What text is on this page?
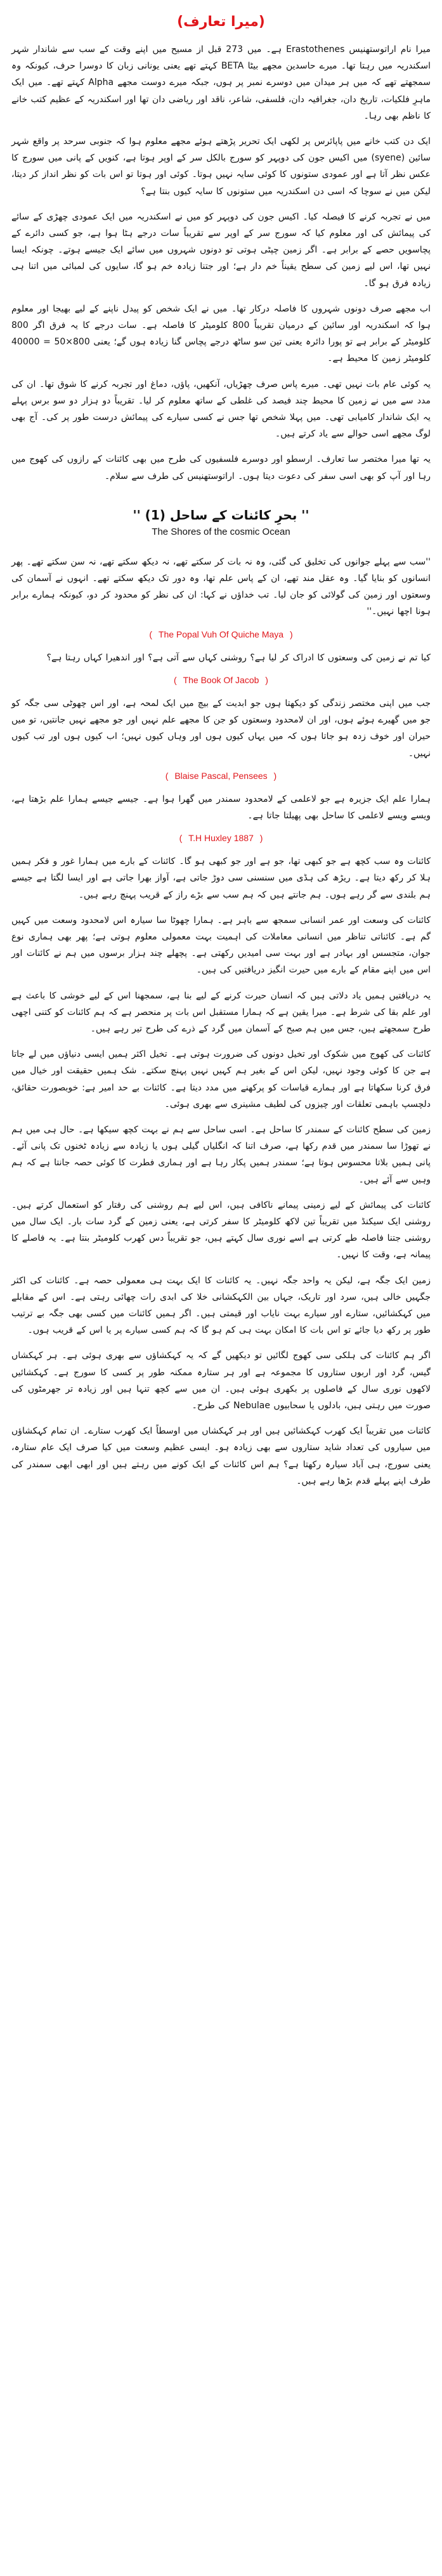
(میرا تعارف)

میرا نام اراتوستھنیس Erastothenes ہے۔ میں 273 قبل از مسیح میں اپنے وقت کے سب سے شاندار شہر اسکندریہ میں رہتا تھا۔ میرے حاسدین مجھے بیٹا BETA کہتے تھے یعنی یونانی زبان کا دوسرا حرف، کیونکہ وہ سمجھتے تھے کہ میں ہر میدان میں دوسرے نمبر پر ہوں، جبکہ میرے دوست مجھے Alpha کہتے تھے۔ میں ایک ماہرِ فلکیات، تاریخ دان، جغرافیہ دان، فلسفی، شاعر، ناقد اور ریاضی دان تھا اور اسکندریہ کے عظیم کتب خانے کا ناظم بھی رہا۔

ایک دن کتب خانے میں پاپائرس پر لکھی ایک تحریر پڑھتے ہوئے مجھے معلوم ہوا کہ جنوبی سرحد پر واقع شہر سائین (syene) میں اکیس جون کی دوپہر کو سورج بالکل سر کے اوپر ہوتا ہے، کنویں کے پانی میں سورج کا عکس نظر آتا ہے اور عمودی ستونوں کا کوئی سایہ نہیں ہوتا۔ کوئی اور ہوتا تو اس بات کو نظر انداز کر دیتا، لیکن میں نے سوچا کہ اسی دن اسکندریہ میں ستونوں کا سایہ کیوں بنتا ہے؟

میں نے تجربہ کرنے کا فیصلہ کیا۔ اکیس جون کی دوپہر کو میں نے اسکندریہ میں ایک عمودی چھڑی کے سائے کی پیمائش کی اور معلوم کیا کہ سورج سر کے اوپر سے تقریباً سات درجے ہٹا ہوا ہے، جو کسی دائرے کے پچاسویں حصے کے برابر ہے۔ اگر زمین چپٹی ہوتی تو دونوں شہروں میں سائے ایک جیسے ہوتے۔ چونکہ ایسا نہیں تھا، اس لیے زمین کی سطح یقیناً خم دار ہے؛ اور جتنا زیادہ خم ہو گا، سایوں کی لمبائی میں اتنا ہی زیادہ فرق ہو گا۔

اب مجھے صرف دونوں شہروں کا فاصلہ درکار تھا۔ میں نے ایک شخص کو پیدل ناپنے کے لیے بھیجا اور معلوم ہوا کہ اسکندریہ اور سائین کے درمیان تقریباً 800 کلومیٹر کا فاصلہ ہے۔ سات درجے کا یہ فرق اگر 800 کلومیٹر کے برابر ہے تو پورا دائرہ یعنی تین سو ساٹھ درجے پچاس گنا زیادہ ہوں گے؛ یعنی 800×50 = 40000 کلومیٹر زمین کا محیط ہے۔

یہ کوئی عام بات نہیں تھی۔ میرے پاس صرف چھڑیاں، آنکھیں، پاؤں، دماغ اور تجربہ کرنے کا شوق تھا۔ ان کی مدد سے میں نے زمین کا محیط چند فیصد کی غلطی کے ساتھ معلوم کر لیا۔ تقریباً دو ہزار دو سو برس پہلے یہ ایک شاندار کامیابی تھی۔ میں پہلا شخص تھا جس نے کسی سیارے کی پیمائش درست طور پر کی۔ آج بھی لوگ مجھے اسی حوالے سے یاد کرتے ہیں۔

یہ تھا میرا مختصر سا تعارف۔ ارسطو اور دوسرے فلسفیوں کی طرح میں بھی کائنات کے رازوں کی کھوج میں رہا اور آپ کو بھی اسی سفر کی دعوت دیتا ہوں۔ اراتوستھنیس کی طرف سے سلام۔

'' بحرِ کائنات کے ساحل (1) ''
The Shores of the cosmic Ocean

''سب سے پہلے جوانوں کی تخلیق کی گئی، وہ نہ بات کر سکتے تھے، نہ دیکھ سکتے تھے، نہ سن سکتے تھے۔ پھر انسانوں کو بنایا گیا۔ وہ عقل مند تھے، ان کے پاس علم تھا، وہ دور تک دیکھ سکتے تھے۔ انہوں نے آسمان کی وسعتوں اور زمین کی گولائی کو جان لیا۔ تب خداؤں نے کہا: ان کی نظر کو محدود کر دو، کیونکہ ہمارے برابر ہونا اچھا نہیں۔''

( The Popal Vuh Of Quiche Maya )

کیا تم نے زمین کی وسعتوں کا ادراک کر لیا ہے؟ روشنی کہاں سے آتی ہے؟ اور اندھیرا کہاں رہتا ہے؟

( The Book Of Jacob )

جب میں اپنی مختصر زندگی کو دیکھتا ہوں جو ابدیت کے بیچ میں ایک لمحہ ہے، اور اس چھوٹی سی جگہ کو جو میں گھیرے ہوئے ہوں، اور ان لامحدود وسعتوں کو جن کا مجھے علم نہیں اور جو مجھے نہیں جانتیں، تو میں حیران اور خوف زدہ ہو جاتا ہوں کہ میں یہاں کیوں ہوں اور وہاں کیوں نہیں؛ اب کیوں ہوں اور تب کیوں نہیں۔

( Blaise Pascal, Pensees )

ہمارا علم ایک جزیرہ ہے جو لاعلمی کے لامحدود سمندر میں گھرا ہوا ہے۔ جیسے جیسے ہمارا علم بڑھتا ہے، ویسے ویسے لاعلمی کا ساحل بھی پھیلتا جاتا ہے۔

( T.H Huxley 1887 )

کائنات وہ سب کچھ ہے جو کبھی تھا، جو ہے اور جو کبھی ہو گا۔ کائنات کے بارے میں ہمارا غور و فکر ہمیں ہلا کر رکھ دیتا ہے۔ ریڑھ کی ہڈی میں سنسنی سی دوڑ جاتی ہے، آواز بھرا جاتی ہے اور ایسا لگتا ہے جیسے ہم بلندی سے گر رہے ہوں۔ ہم جانتے ہیں کہ ہم سب سے بڑے راز کے قریب پہنچ رہے ہیں۔

کائنات کی وسعت اور عمر انسانی سمجھ سے باہر ہے۔ ہمارا چھوٹا سا سیارہ اس لامحدود وسعت میں کہیں گم ہے۔ کائناتی تناظر میں انسانی معاملات کی اہمیت بہت معمولی معلوم ہوتی ہے؛ پھر بھی ہماری نوع جوان، متجسس اور بہادر ہے اور بہت سی امیدیں رکھتی ہے۔ پچھلے چند ہزار برسوں میں ہم نے کائنات اور اس میں اپنے مقام کے بارے میں حیرت انگیز دریافتیں کی ہیں۔

یہ دریافتیں ہمیں یاد دلاتی ہیں کہ انسان حیرت کرنے کے لیے بنا ہے، سمجھنا اس کے لیے خوشی کا باعث ہے اور علم بقا کی شرط ہے۔ میرا یقین ہے کہ ہمارا مستقبل اس بات پر منحصر ہے کہ ہم کائنات کو کتنی اچھی طرح سمجھتے ہیں، جس میں ہم صبح کے آسمان میں گرد کے ذرے کی طرح تیر رہے ہیں۔

کائنات کی کھوج میں شکوک اور تخیل دونوں کی ضرورت ہوتی ہے۔ تخیل اکثر ہمیں ایسی دنیاؤں میں لے جاتا ہے جن کا کوئی وجود نہیں، لیکن اس کے بغیر ہم کہیں نہیں پہنچ سکتے۔ شک ہمیں حقیقت اور خیال میں فرق کرنا سکھاتا ہے اور ہمارے قیاسات کو پرکھنے میں مدد دیتا ہے۔ کائنات بے حد امیر ہے: خوبصورت حقائق، دلچسپ باہمی تعلقات اور چیزوں کی لطیف مشینری سے بھری ہوئی۔

زمین کی سطح کائنات کے سمندر کا ساحل ہے۔ اسی ساحل سے ہم نے بہت کچھ سیکھا ہے۔ حال ہی میں ہم نے تھوڑا سا سمندر میں قدم رکھا ہے، صرف اتنا کہ انگلیاں گیلی ہوں یا زیادہ سے زیادہ ٹخنوں تک پانی آئے۔ پانی ہمیں بلاتا محسوس ہوتا ہے؛ سمندر ہمیں پکار رہا ہے اور ہماری فطرت کا کوئی حصہ جانتا ہے کہ ہم وہیں سے آئے ہیں۔

کائنات کی پیمائش کے لیے زمینی پیمانے ناکافی ہیں، اس لیے ہم روشنی کی رفتار کو استعمال کرتے ہیں۔ روشنی ایک سیکنڈ میں تقریباً تین لاکھ کلومیٹر کا سفر کرتی ہے، یعنی زمین کے گرد سات بار۔ ایک سال میں روشنی جتنا فاصلہ طے کرتی ہے اسے نوری سال کہتے ہیں، جو تقریباً دس کھرب کلومیٹر بنتا ہے۔ یہ فاصلے کا پیمانہ ہے، وقت کا نہیں۔

زمین ایک جگہ ہے، لیکن یہ واحد جگہ نہیں۔ یہ کائنات کا ایک بہت ہی معمولی حصہ ہے۔ کائنات کی اکثر جگہیں خالی ہیں، سرد اور تاریک، جہاں بین الکہکشانی خلا کی ابدی رات چھائی رہتی ہے۔ اس کے مقابلے میں کہکشائیں، ستارے اور سیارے بہت نایاب اور قیمتی ہیں۔ اگر ہمیں کائنات میں کسی بھی جگہ بے ترتیب طور پر رکھ دیا جائے تو اس بات کا امکان بہت ہی کم ہو گا کہ ہم کسی سیارے پر یا اس کے قریب ہوں۔

اگر ہم کائنات کی ہلکی سی کھوج لگائیں تو دیکھیں گے کہ یہ کہکشاؤں سے بھری ہوئی ہے۔ ہر کہکشاں گیس، گرد اور اربوں ستاروں کا مجموعہ ہے اور ہر ستارہ ممکنہ طور پر کسی کا سورج ہے۔ کہکشائیں لاکھوں نوری سال کے فاصلوں پر بکھری ہوئی ہیں۔ ان میں سے کچھ تنہا ہیں اور زیادہ تر جھرمٹوں کی صورت میں رہتی ہیں، بادلوں یا سحابیوں Nebulae کی طرح۔

کائنات میں تقریباً ایک کھرب کہکشائیں ہیں اور ہر کہکشاں میں اوسطاً ایک کھرب ستارے۔ ان تمام کہکشاؤں میں سیاروں کی تعداد شاید ستاروں سے بھی زیادہ ہو۔ ایسی عظیم وسعت میں کیا صرف ایک عام ستارہ، یعنی سورج، ہی آباد سیارہ رکھتا ہے؟ ہم اس کائنات کے ایک کونے میں رہتے ہیں اور ابھی ابھی سمندر کی طرف اپنے پہلے قدم بڑھا رہے ہیں۔
